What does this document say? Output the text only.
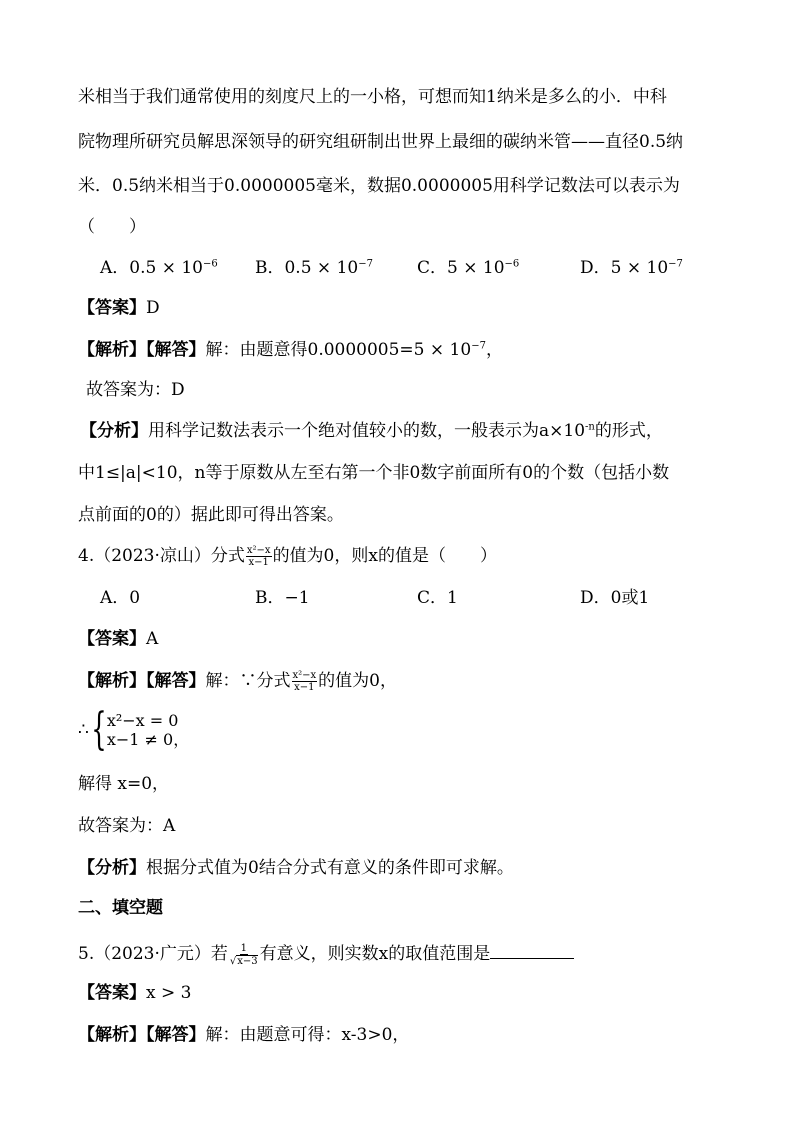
米相当于我们通常使用的刻度尺上的一小格，可想而知1纳米是多么的小．中科
院物理所研究员解思深领导的研究组研制出世界上最细的碳纳米管——直径0.5纳
米．0.5纳米相当于0.0000005毫米，数据0.0000005用科学记数法可以表示为
（　　）
A．$0.5 \times 10^{-6}$ B．$0.5 \times 10^{-7}$	C．$5 \times 10^{-6}$	D．$5 \times 10^{-7}$
【答案】D
【解析】【解答】解：由题意得$0.0000005=5 \times 10^{-7}$，
故答案为：D
【分析】用科学记数法表示一个绝对值较小的数，一般表示为$a\times 10^{-n}$的形式，
中1≤|a|<10，n等于原数从左至右第一个非0数字前面所有0的个数（包括小数
点前面的0的）据此即可得出答案。
4.（2023·凉山）分式 $\frac{\text{x²−x}}{x-1}$ 的值为0，则x的值是（　　）
A．0	B．−1	C．1	D．0或1
【答案】A
【解析】【解答】解：∵分式 $\frac{\text{x²−x}}{x-1}$ 的值为0，
∴ { x²−x = 0
x−1 ≠ 0，
解得 x=0，
故答案为：A
【分析】根据分式值为0结合分式有意义的条件即可求解。
二、填空题
5.（2023·广元）若 $\frac{1}{√x-3}$ 有意义，则实数x的取值范围是
【答案】x > 3
【解析】【解答】解：由题意可得：x-3>0，
